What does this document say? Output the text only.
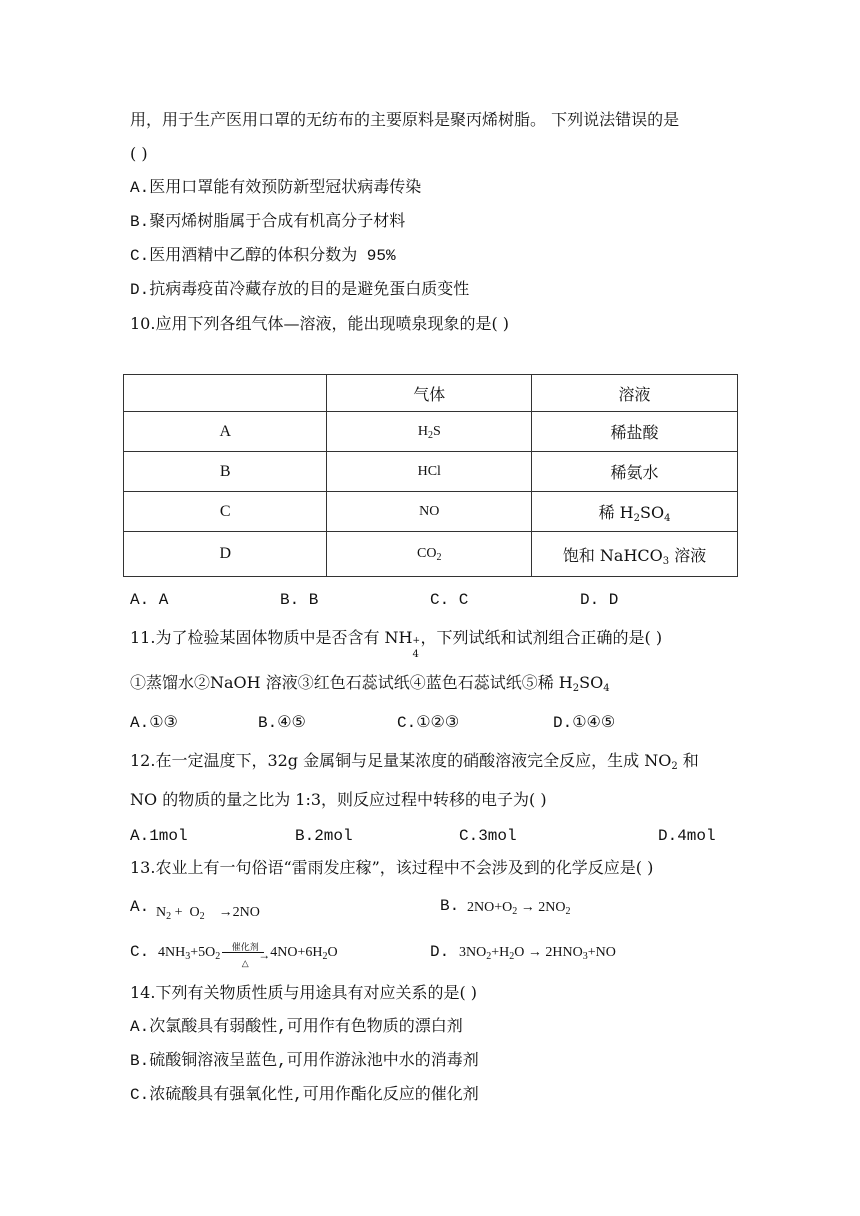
用，用于生产医用口罩的无纺布的主要原料是聚丙烯树脂。 下列说法错误的是
( )
A.医用口罩能有效预防新型冠状病毒传染
B.聚丙烯树脂属于合成有机高分子材料
C.医用酒精中乙醇的体积分数为 95%
D.抗病毒疫苗冷藏存放的目的是避免蛋白质变性
10.应用下列各组气体—溶液，能出现喷泉现象的是( )
	气体	溶液
A	$H_2S$	稀盐酸
B	HCl	稀氨水
C	NO	稀 $H_2SO_4$
D	$CO_2$	饱和 NaHCO$_3$ 溶液
A. A	B. B	C. C	D. D
11.为了检验某固体物质中是否含有 NH +
4
，下列试纸和试剂组合正确的是( )
①蒸馏水②NaOH 溶液③红色石蕊试纸④蓝色石蕊试纸⑤稀 $H_2SO_4$
A.①③	B.④⑤	C.①②③	D.①④⑤
12.在一定温度下，32g 金属铜与足量某浓度的硝酸溶液完全反应，生成 $NO_2$ 和
NO 的物质的量之比为 1:3，则反应过程中转移的电子为( )
A.1mol	B.2mol	C.3mol	D.4mol
13.农业上有一句俗语“雷雨发庄稼”，该过程中不会涉及到的化学反应是( )
A. $N_2 + O_2$    →2NO	B. $2NO+O_2 \to 2NO_2$
C. $4NH_3+5O_2$
催化剂
→
△
$4NO+6H_2O$	D. $3NO_2+H_2O \to 2HNO_3+NO$
14.下列有关物质性质与用途具有对应关系的是( )
A.次氯酸具有弱酸性,可用作有色物质的漂白剂
B.硫酸铜溶液呈蓝色,可用作游泳池中水的消毒剂
C.浓硫酸具有强氧化性,可用作酯化反应的催化剂
